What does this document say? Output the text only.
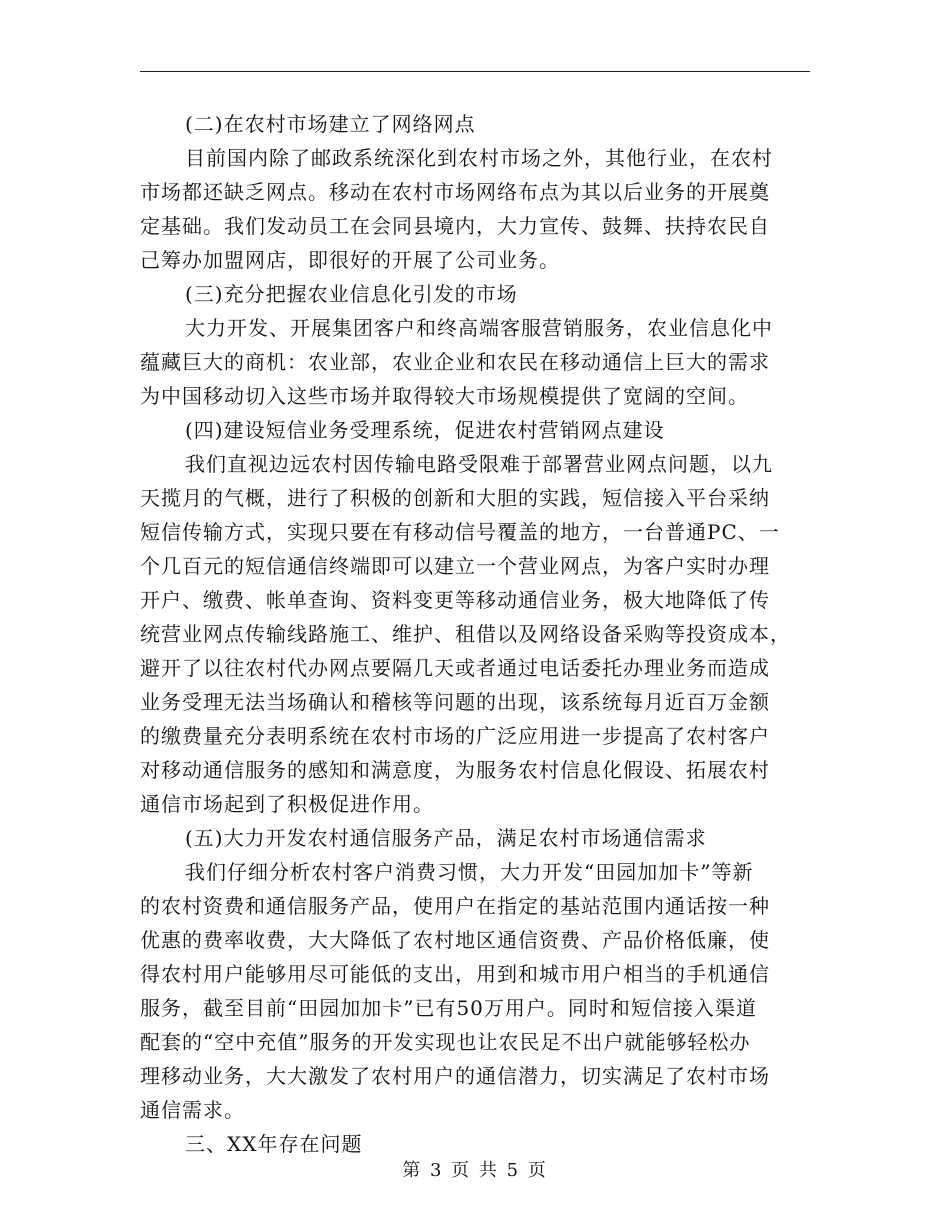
(二)在农村市场建立了网络网点
目前国内除了邮政系统深化到农村市场之外，其他行业，在农村
市场都还缺乏网点。移动在农村市场网络布点为其以后业务的开展奠
定基础。我们发动员工在会同县境内，大力宣传、鼓舞、扶持农民自
己筹办加盟网店，即很好的开展了公司业务。
(三)充分把握农业信息化引发的市场
大力开发、开展集团客户和终高端客服营销服务，农业信息化中
蕴藏巨大的商机：农业部，农业企业和农民在移动通信上巨大的需求
为中国移动切入这些市场并取得较大市场规模提供了宽阔的空间。
(四)建设短信业务受理系统，促进农村营销网点建设
我们直视边远农村因传输电路受限难于部署营业网点问题，以九
天揽月的气概，进行了积极的创新和大胆的实践，短信接入平台采纳
短信传输方式，实现只要在有移动信号覆盖的地方，一台普通PC、一
个几百元的短信通信终端即可以建立一个营业网点，为客户实时办理
开户、缴费、帐单查询、资料变更等移动通信业务，极大地降低了传
统营业网点传输线路施工、维护、租借以及网络设备采购等投资成本，
避开了以往农村代办网点要隔几天或者通过电话委托办理业务而造成
业务受理无法当场确认和稽核等问题的出现，该系统每月近百万金额
的缴费量充分表明系统在农村市场的广泛应用进一步提高了农村客户
对移动通信服务的感知和满意度，为服务农村信息化假设、拓展农村
通信市场起到了积极促进作用。
(五)大力开发农村通信服务产品，满足农村市场通信需求
我们仔细分析农村客户消费习惯，大力开发“田园加加卡”等新
的农村资费和通信服务产品，使用户在指定的基站范围内通话按一种
优惠的费率收费，大大降低了农村地区通信资费、产品价格低廉，使
得农村用户能够用尽可能低的支出，用到和城市用户相当的手机通信
服务，截至目前“田园加加卡”已有50万用户。同时和短信接入渠道
配套的“空中充值”服务的开发实现也让农民足不出户就能够轻松办
理移动业务，大大激发了农村用户的通信潜力，切实满足了农村市场
通信需求。
三、XX年存在问题
第 3 页 共 5 页
